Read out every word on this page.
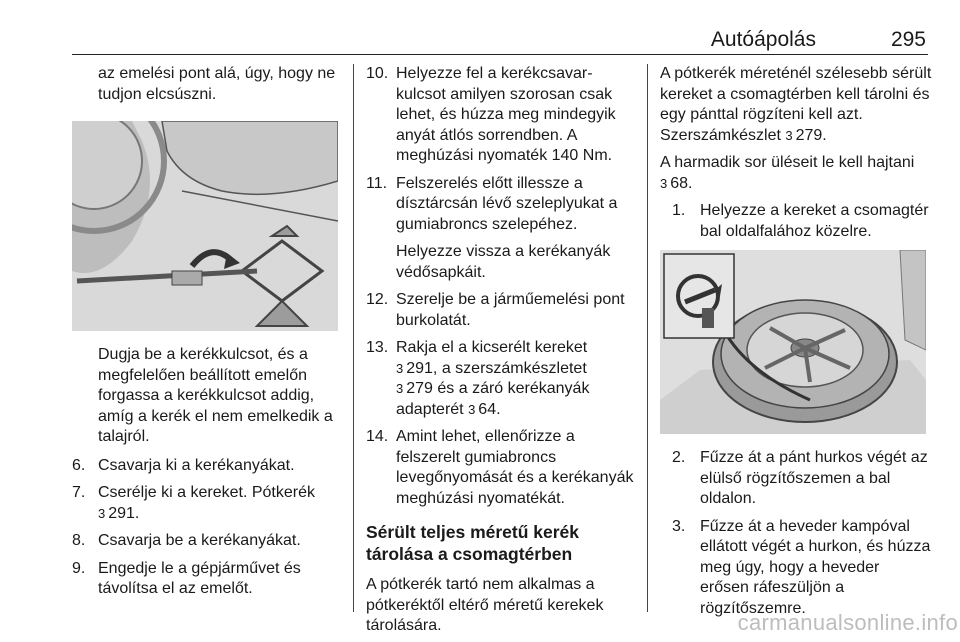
Autóápolás	295

az emelési pont alá, úgy, hogy ne tudjon elcsúszni.

Dugja be a kerékkulcsot, és a megfelelően beállított emelőn forgassa a kerékkulcsot addig, amíg a kerék el nem emelkedik a talajról.

6. Csavarja ki a kerékanyákat.
7. Cserélje ki a kereket. Pótkerék
3 291.
8. Csavarja be a kerékanyákat.
9. Engedje le a gépjárművet és távolítsa el az emelőt.
10. Helyezze fel a kerékcsavar-kulcsot amilyen szorosan csak lehet, és húzza meg mindegyik anyát átlós sorrendben. A meghúzási nyomaték 140 Nm.
11. Felszerelés előtt illessze a dísztárcsán lévő szeleplyukat a gumiabroncs szelepéhez.

Helyezze vissza a kerékanyák védősapkáit.

12. Szerelje be a járműemelési pont burkolatát.
13. Rakja el a kicserélt kereket
3 291, a szerszámkészletet
3 279 és a záró kerékanyák adapterét 3 64.
14. Amint lehet, ellenőrizze a felszerelt gumiabroncs levegőnyomását és a kerékanyák meghúzási nyomatékát.
Sérült teljes méretű kerék tárolása a csomagtérben

A pótkerék tartó nem alkalmas a pótkeréktől eltérő méretű kerekek tárolására.

A pótkerék méreténél szélesebb sérült kereket a csomagtérben kell tárolni és egy pánttal rögzíteni kell azt. Szerszámkészlet 3 279.

A harmadik sor üléseit le kell hajtani
3 68.

1. Helyezze a kereket a csomagtér bal oldalfalához közelre.
2. Fűzze át a pánt hurkos végét az elülső rögzítőszemen a bal oldalon.
3. Fűzze át a heveder kampóval ellátott végét a hurkon, és húzza meg úgy, hogy a heveder erősen ráfeszüljön a rögzítőszemre.
carmanualsonline.info
